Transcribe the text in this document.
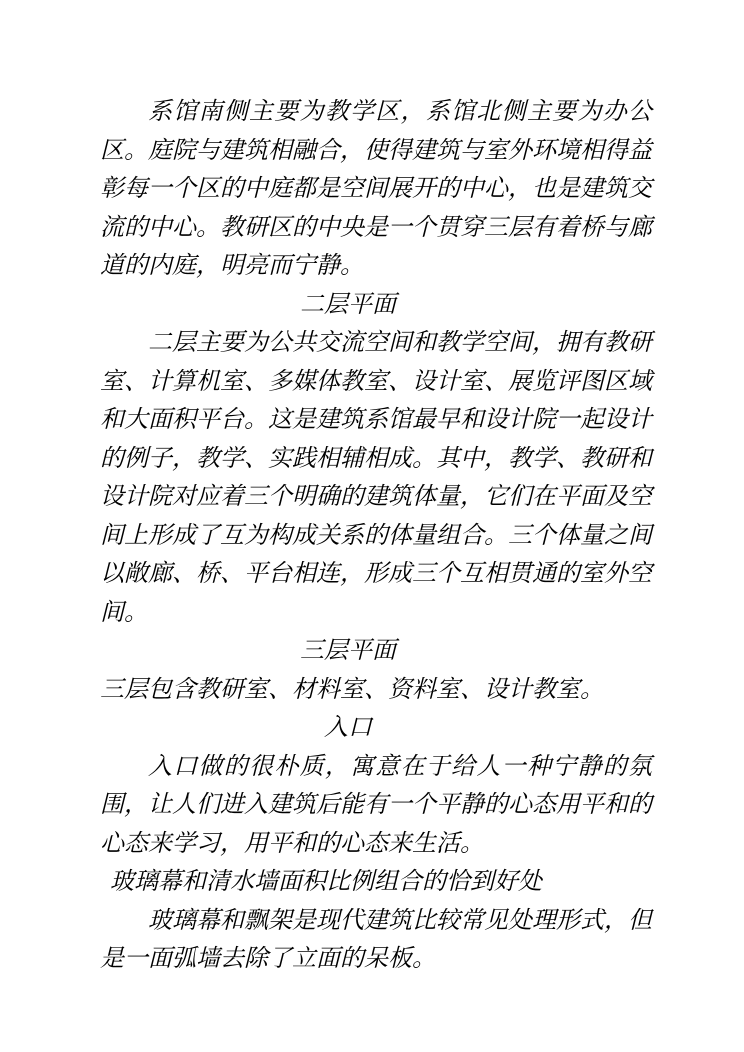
系馆南侧主要为教学区，系馆北侧主要为办公区。庭院与建筑相融合，使得建筑与室外环境相得益彰每一个区的中庭都是空间展开的中心，也是建筑交流的中心。教研区的中央是一个贯穿三层有着桥与廊道的内庭，明亮而宁静。

二层平面

二层主要为公共交流空间和教学空间，拥有教研室、计算机室、多媒体教室、设计室、展览评图区域和大面积平台。这是建筑系馆最早和设计院一起设计的例子，教学、实践相辅相成。其中，教学、教研和设计院对应着三个明确的建筑体量，它们在平面及空间上形成了互为构成关系的体量组合。三个体量之间以敞廊、桥、平台相连，形成三个互相贯通的室外空间。

三层平面

三层包含教研室、材料室、资料室、设计教室。

入口

入口做的很朴质，寓意在于给人一种宁静的氛围，让人们进入建筑后能有一个平静的心态用平和的心态来学习，用平和的心态来生活。

玻璃幕和清水墙面积比例组合的恰到好处

玻璃幕和飘架是现代建筑比较常见处理形式，但是一面弧墙去除了立面的呆板。
